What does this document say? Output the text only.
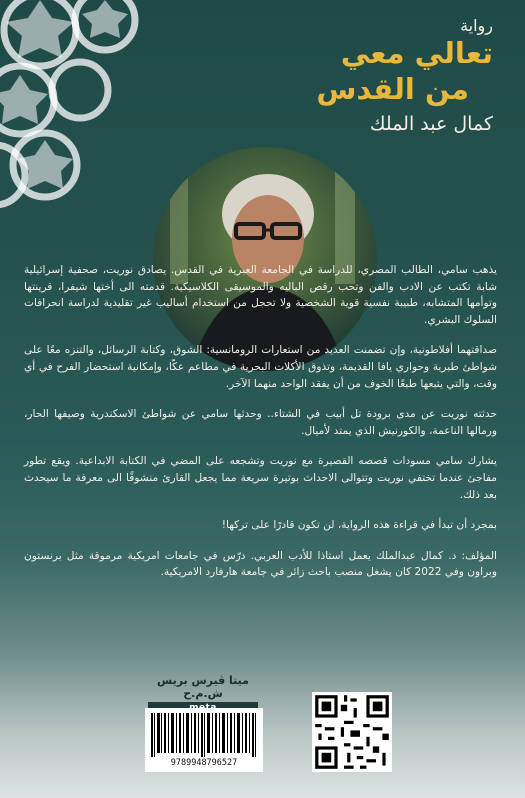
رواية
تعالي معي
من القدس
كمال عبد الملك

يذهب سامي، الطالب المصري، للدراسة في الجامعة العبرية في القدس. يصادق نوريت، صحفية إسرائيلية شابة تكتب عن الادب والفن وتحب رقص الباليه والموسيقى الكلاسيكية. قدمته الى أختها شيفرا، قرينتها وتوأمها المتشابه، طبيبة نفسية قوية الشخصية ولا تحجل من استخدام أساليب غير تقليدية لدراسة انحرافات السلوك البشري.

صداقتهما أفلاطونية، وإن تضمنت العديد من استعارات الرومانسية: الشوق، وكتابة الرسائل، والتنزه معًا على شواطئ طبرية وحواري يافا القديمة، وتذوق الأكلات البحرية في مطاعم عكّا، وإمكانية استحضار الفرح في أي وقت، والتي يتبعها طبعًا الخوف من أن يفقد الواحد منهما الآخر.

حدثته نوريت عن مدى برودة تل أبيب في الشتاء.. وحدثها سامي عن شواطئ الاسكندرية وصيفها الحار، ورمالها الناعمة، والكورنيش الذي يمتد لأميال.

يشارك سامي مسودات قصصه القصيرة مع نوريت وتشجعه على المضي في الكتابة الابداعية. ويقع تطور مفاجئ عندما تختفي نوريت وتتوالى الاحداث بوتيرة سريعة مما يجعل القارئ منشوقًا الى معرفة ما سيحدث بعد ذلك.

بمجرد أن تبدأ في قراءة هذه الرواية، لن تكون قادرًا على تركها!

المؤلف: د. كمال عبدالملك يعمل استاذا للأدب العربي. درّس في جامعات امريكية مرموقة مثل برنستون وبراون وفي 2022 كان يشغل منصب باحث زائر في جامعة هارفارد الامريكية.

ميتا ڤيرس بريس ش.م.ح
9789948796527
